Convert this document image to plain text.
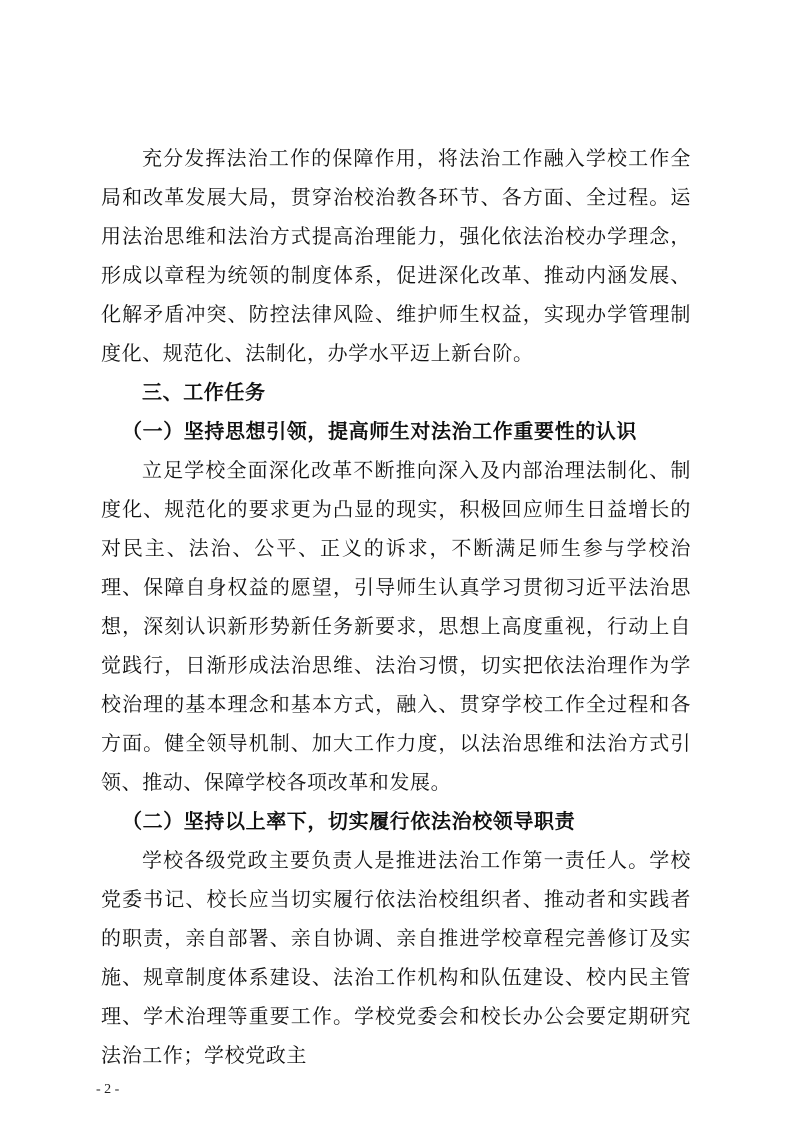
充分发挥法治工作的保障作用，将法治工作融入学校工作全局和改革发展大局，贯穿治校治教各环节、各方面、全过程。运用法治思维和法治方式提高治理能力，强化依法治校办学理念，形成以章程为统领的制度体系，促进深化改革、推动内涵发展、化解矛盾冲突、防控法律风险、维护师生权益，实现办学管理制度化、规范化、法制化，办学水平迈上新台阶。

三、工作任务

（一）坚持思想引领，提高师生对法治工作重要性的认识

立足学校全面深化改革不断推向深入及内部治理法制化、制度化、规范化的要求更为凸显的现实，积极回应师生日益增长的对民主、法治、公平、正义的诉求，不断满足师生参与学校治理、保障自身权益的愿望，引导师生认真学习贯彻习近平法治思想，深刻认识新形势新任务新要求，思想上高度重视，行动上自觉践行，日渐形成法治思维、法治习惯，切实把依法治理作为学校治理的基本理念和基本方式，融入、贯穿学校工作全过程和各方面。健全领导机制、加大工作力度，以法治思维和法治方式引领、推动、保障学校各项改革和发展。

（二）坚持以上率下，切实履行依法治校领导职责

学校各级党政主要负责人是推进法治工作第一责任人。学校党委书记、校长应当切实履行依法治校组织者、推动者和实践者的职责，亲自部署、亲自协调、亲自推进学校章程完善修订及实施、规章制度体系建设、法治工作机构和队伍建设、校内民主管理、学术治理等重要工作。学校党委会和校长办公会要定期研究法治工作；学校党政主

- 2 -
